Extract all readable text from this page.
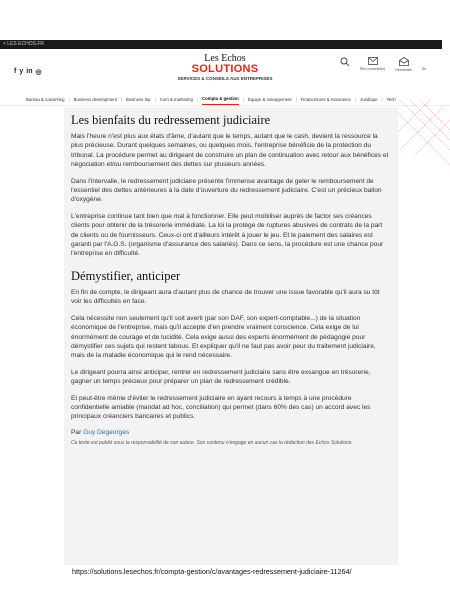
< LES ECHOS.FR
f y in ◎
Les Echos
SOLUTIONS
SERVICES & CONSEILS AUX ENTREPRISES
Être conseillé(e)	Newsletter	Se
Bureau & coworking | Business development | Business trip | Com & marketing | Compta & gestion | Equipe & management | Financement & Assurance | Juridique | Tech
Les bienfaits du redressement judiciaire

Mais l'heure n'est plus aux états d'âme, d'autant que le temps, autant que le cash, devient la ressource la plus précieuse. Durant quelques semaines, ou quelques mois, l'entreprise bénéficie de la protection du tribunal. La procédure permet au dirigeant de construire un plan de continuation avec retour aux bénéfices et négociation et/ou remboursement des dettes sur plusieurs années.

Dans l'intervalle, le redressement judiciaire présente l'immense avantage de geler le remboursement de l'essentiel des dettes antérieures à la date d'ouverture du redressement judiciaire. C'est un précieux ballon d'oxygène.

L'entreprise continue tant bien que mal à fonctionner. Elle peut mobiliser auprès de factor ses créances clients pour obtenir de la trésorerie immédiate. La loi la protège de ruptures abusives de contrats de la part de clients ou de fournisseurs. Ceux-ci ont d'ailleurs intérêt à jouer le jeu. Et le paiement des salaires est garanti par l'A.G.S. (organisme d'assurance des salariés). Dans ce sens, la procédure est une chance pour l'entreprise en difficulté.

Démystifier, anticiper

En fin de compte, le dirigeant aura d'autant plus de chance de trouver une issue favorable qu'il aura su tôt voir les difficultés en face.

Cela nécessite non seulement qu'il soit averti (par son DAF, son expert-comptable...) de la situation économique de l'entreprise, mais qu'il accepte d'en prendre vraiment conscience. Cela exige de lui énormément de courage et de lucidité. Cela exige aussi des experts énormément de pédagogie pour démystifier ces sujets qui restent tabous. Et expliquer qu'il ne faut pas avoir peur du traitement judiciaire, mais de la maladie économique qui le rend nécessaire.

Le dirigeant pourra ainsi anticiper, rentrer en redressement judiciaire sans être exsangue en trésorerie, gagner un temps précieux pour préparer un plan de redressement crédible.

Et peut-être même d'éviter le redressement judiciaire en ayant recours à temps à une procédure confidentielle amiable (mandat ad hoc, conciliation) qui permet (dans 60% des cas) un accord avec les principaux créanciers bancaires et publics.

Par Guy Degeorges

Ce texte est publié sous la responsabilité de son auteur. Son contenu n'engage en aucun cas la rédaction des Echos Solutions.

https://solutions.lesechos.fr/compta-gestion/c/avantages-redressement-judiciaire-11264/
